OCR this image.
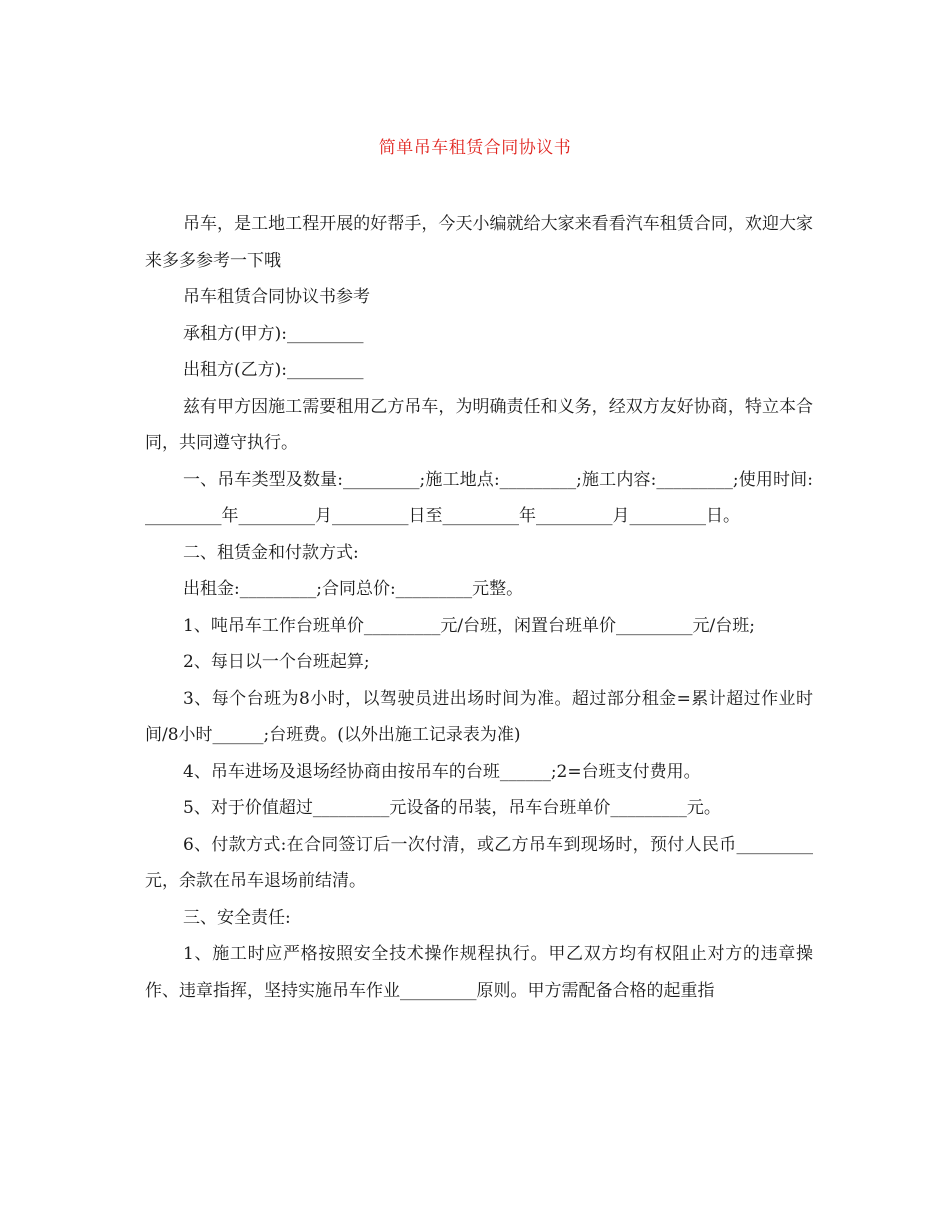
简单吊车租赁合同协议书

吊车，是工地工程开展的好帮手，今天小编就给大家来看看汽车租赁合同，欢迎大家来多多参考一下哦

吊车租赁合同协议书参考

承租方(甲方):_________

出租方(乙方):_________

兹有甲方因施工需要租用乙方吊车，为明确责任和义务，经双方友好协商，特立本合同，共同遵守执行。

一、吊车类型及数量:_________;施工地点:_________;施工内容:_________;使用时间:_________年_________月_________日至_________年_________月_________日。

二、租赁金和付款方式:

出租金:_________;合同总价:_________元整。

1、吨吊车工作台班单价_________元/台班，闲置台班单价_________元/台班;

2、每日以一个台班起算;

3、每个台班为8小时，以驾驶员进出场时间为准。超过部分租金=累计超过作业时间/8小时______;台班费。(以外出施工记录表为准)

4、吊车进场及退场经协商由按吊车的台班______;2=台班支付费用。

5、对于价值超过_________元设备的吊装，吊车台班单价_________元。

6、付款方式:在合同签订后一次付清，或乙方吊车到现场时，预付人民币_________元，余款在吊车退场前结清。

三、安全责任:

1、施工时应严格按照安全技术操作规程执行。甲乙双方均有权阻止对方的违章操作、违章指挥，坚持实施吊车作业_________原则。甲方需配备合格的起重指
